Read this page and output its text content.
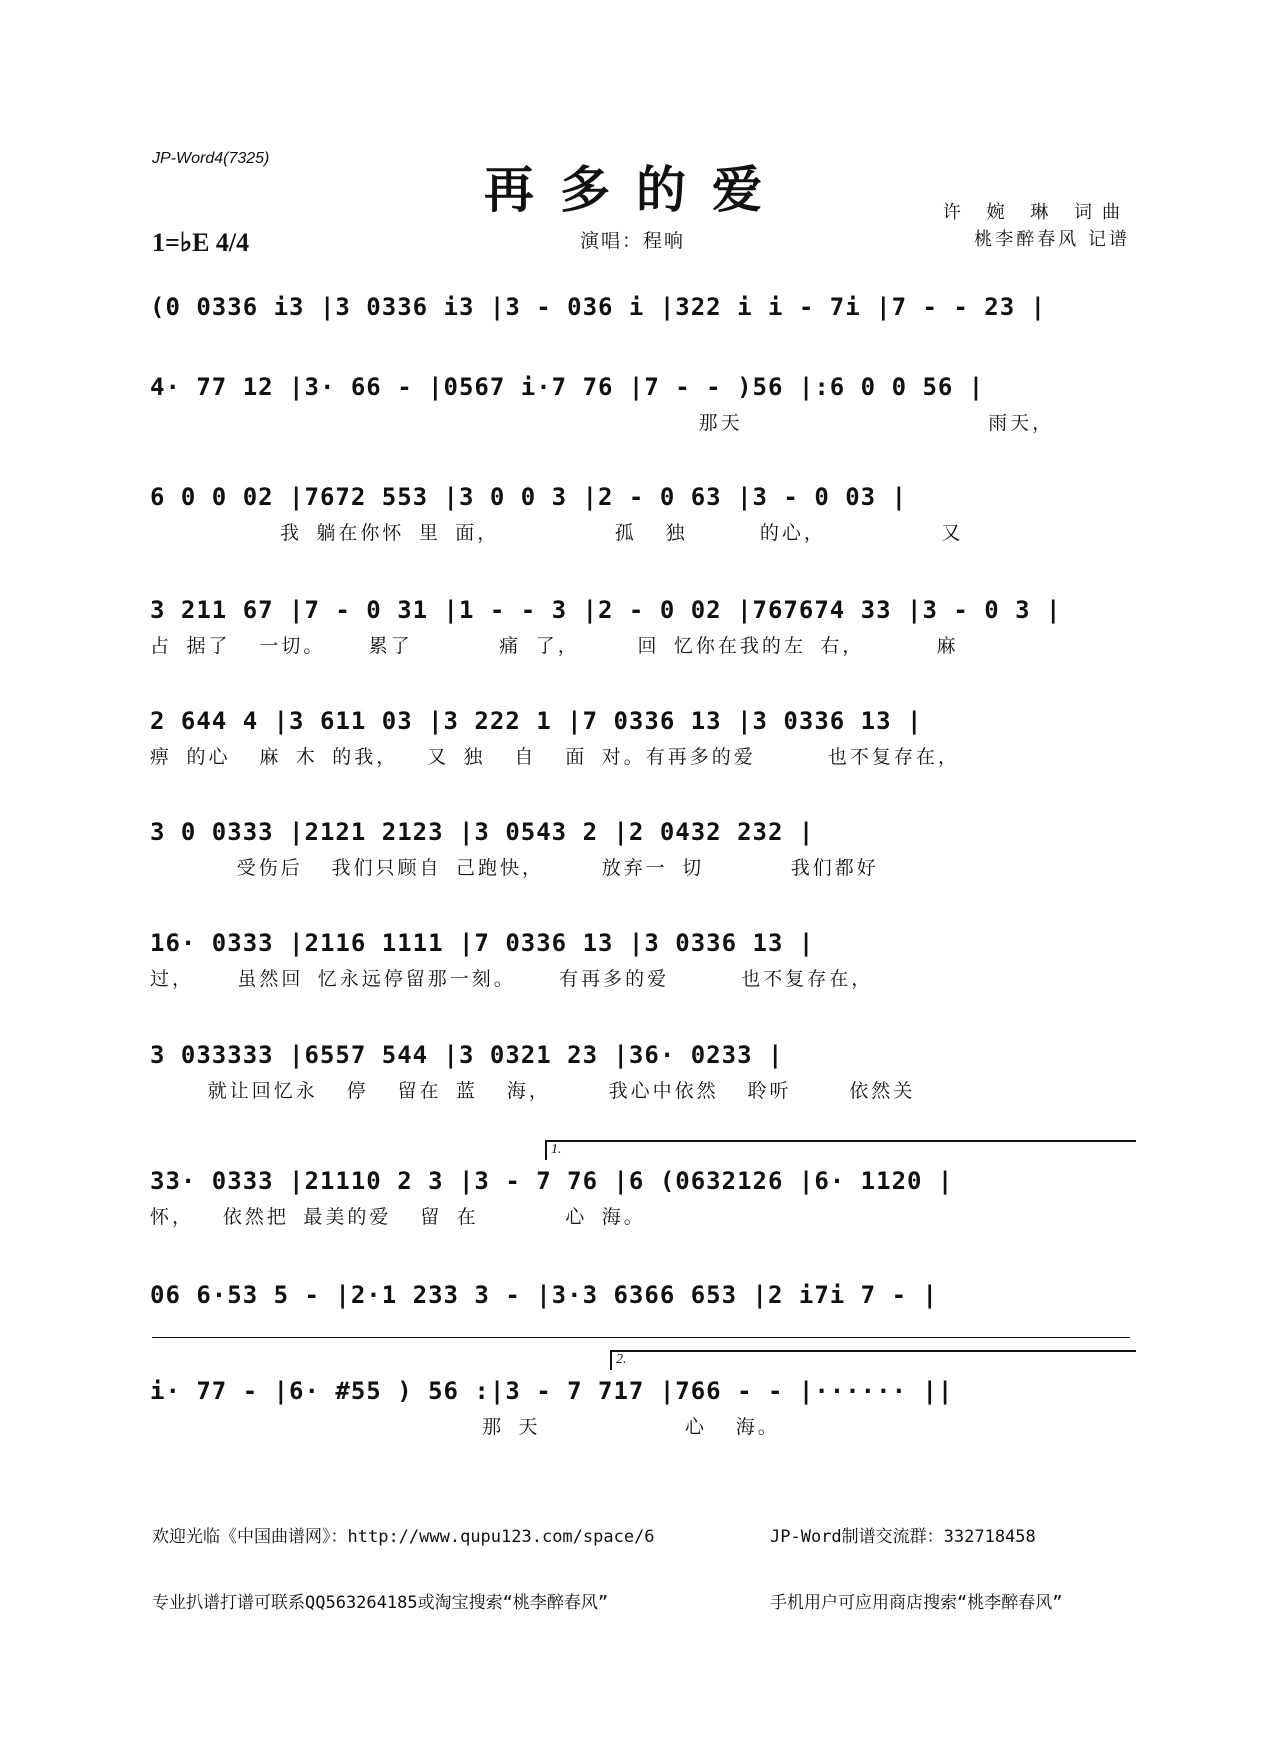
JP-Word4(7325)
再多的爱
1=♭E 4/4	演唱：程响
许 婉 琳 词曲
桃李醉春风 记谱
(0 0336 i3 |3 0336 i3 |3 - 036 i |322 i i - 7i |7 - - 23 |
4· 77 12 |3· 66 - |0567 i·7 76 |7 - - )56 |:6 0 0 56 |
那天                 雨天，
6 0 0 02 |7672 553 |3 0 0 3 |2 - 0 63 |3 - 0 03 |
我 躺在你怀 里 面，        孤  独     的心，        又
3 211 67 |7 - 0 31 |1 - - 3 |2 - 0 02 |767674 33 |3 - 0 3 |
占 据了  一切。   累了      痛 了，    回 忆你在我的左 右，     麻
2 644 4 |3 611 03 |3 222 1 |7 0336 13 |3 0336 13 |
痹 的心  麻 木 的我，  又 独  自  面 对。有再多的爱     也不复存在，
3 0 0333 |2121 2123 |3 0543 2 |2 0432 232 |
受伤后  我们只顾自 己跑快，    放弃一 切      我们都好
16· 0333 |2116 1111 |7 0336 13 |3 0336 13 |
过，   虽然回 忆永远停留那一刻。   有再多的爱     也不复存在，
3 033333 |6557 544 |3 0321 23 |36· 0233 |
就让回忆永  停  留在 蓝  海，    我心中依然  聆听    依然关
1.
33· 0333 |21110 2 3 |3 - 7 76 |6 (0632126 |6· 1120 |
怀，  依然把 最美的爱  留 在      心 海。
06 6·53 5 - |2·1 233 3 - |3·3 6366 653 |2 i7i 7 - |
2.
i· 77 - |6· #55 ) 56 :|3 - 7 717 |766 - - |······ ||
那 天          心  海。

欢迎光临《中国曲谱网》：http://www.qupu123.com/space/6

专业扒谱打谱可联系QQ563264185或淘宝搜索“桃李醉春风”

JP-Word制谱交流群：332718458

手机用户可应用商店搜索“桃李醉春风”
